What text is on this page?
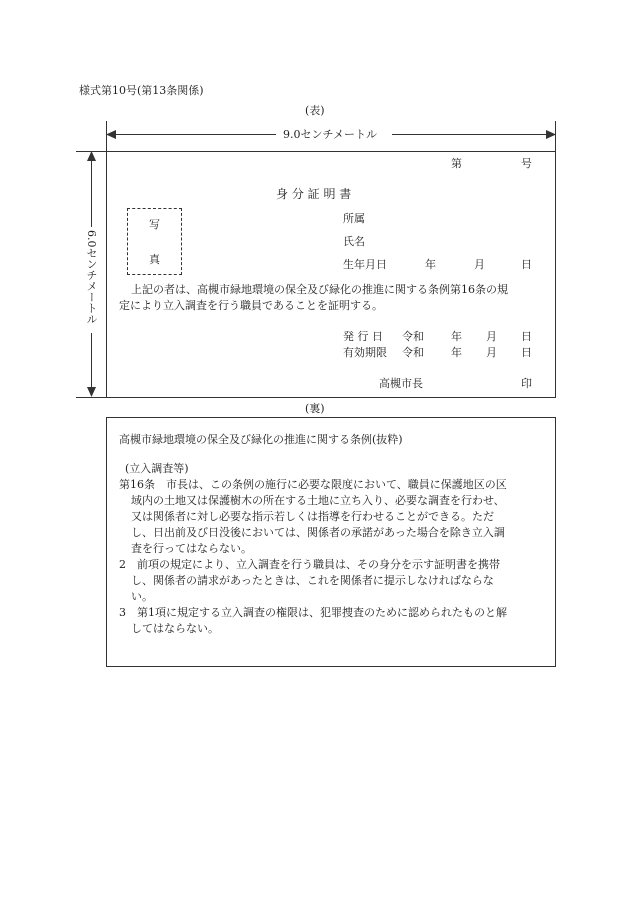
様式第10号(第13条関係)
(表)
9.0センチメートル
6.0センチメートル
第	号
身 分 証 明 書
写
真
所属
氏名
生年月日	年	月	日
上記の者は、高槻市緑地環境の保全及び緑化の推進に関する条例第16条の規
定により立入調査を行う職員であることを証明する。
発 行 日 令和 年 月 日
有効期限 令和 年 月 日
高槻市長	印
(裏)
高槻市緑地環境の保全及び緑化の推進に関する条例(抜粋)
(立入調査等)
第16条　市長は、この条例の施行に必要な限度において、職員に保護地区の区
域内の土地又は保護樹木の所在する土地に立ち入り、必要な調査を行わせ、
又は関係者に対し必要な指示若しくは指導を行わせることができる。ただ
し、日出前及び日没後においては、関係者の承諾があった場合を除き立入調
査を行ってはならない。
2　前項の規定により、立入調査を行う職員は、その身分を示す証明書を携帯
し、関係者の請求があったときは、これを関係者に提示しなければならな
い。
3　第1項に規定する立入調査の権限は、犯罪捜査のために認められたものと解
してはならない。
